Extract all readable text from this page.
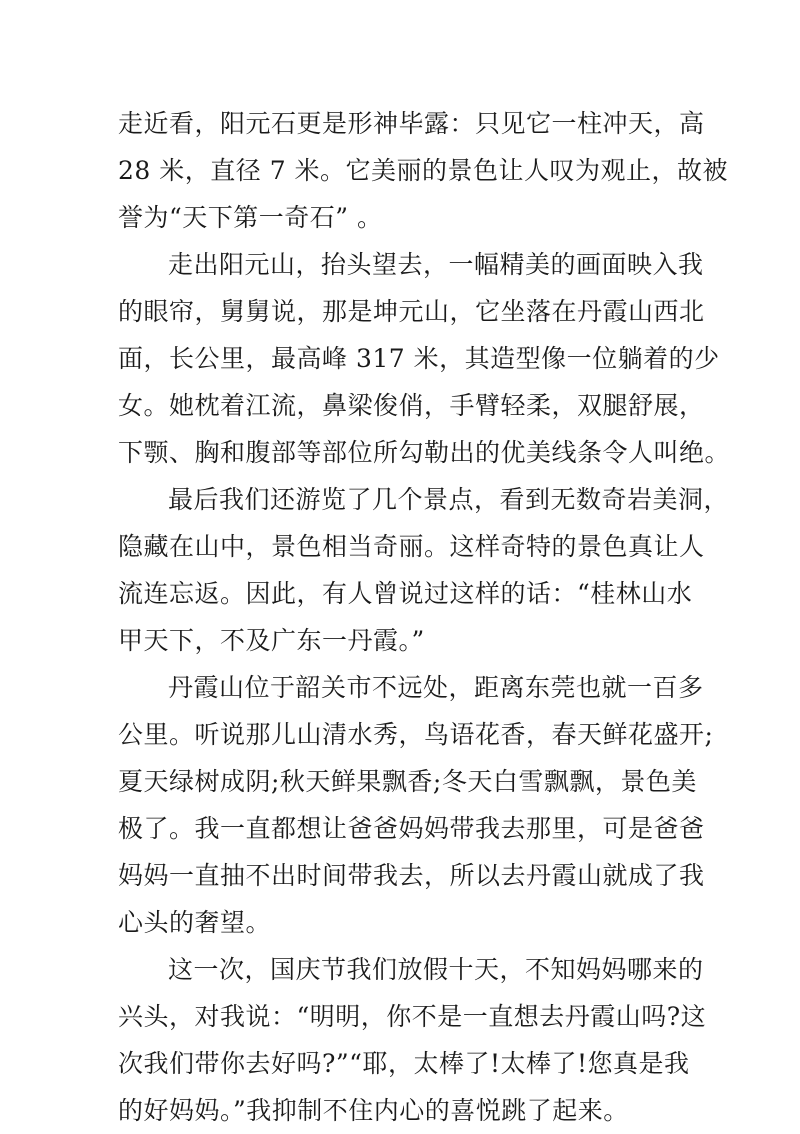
走近看，阳元石更是形神毕露：只见它一柱冲天，高
28 米，直径 7 米。它美丽的景色让人叹为观止，故被
誉为“天下第一奇石” 。
走出阳元山，抬头望去，一幅精美的画面映入我
的眼帘，舅舅说，那是坤元山，它坐落在丹霞山西北
面，长公里，最高峰 317 米，其造型像一位躺着的少
女。她枕着江流，鼻梁俊俏，手臂轻柔，双腿舒展，
下颚、胸和腹部等部位所勾勒出的优美线条令人叫绝。
最后我们还游览了几个景点，看到无数奇岩美洞，
隐藏在山中，景色相当奇丽。这样奇特的景色真让人
流连忘返。因此，有人曾说过这样的话：“桂林山水
甲天下，不及广东一丹霞。”
丹霞山位于韶关市不远处，距离东莞也就一百多
公里。听说那儿山清水秀，鸟语花香，春天鲜花盛开;
夏天绿树成阴;秋天鲜果飘香;冬天白雪飘飘，景色美
极了。我一直都想让爸爸妈妈带我去那里，可是爸爸
妈妈一直抽不出时间带我去，所以去丹霞山就成了我
心头的奢望。
这一次，国庆节我们放假十天，不知妈妈哪来的
兴头，对我说：“明明，你不是一直想去丹霞山吗?这
次我们带你去好吗?”“耶，太棒了!太棒了!您真是我
的好妈妈。”我抑制不住内心的喜悦跳了起来。
